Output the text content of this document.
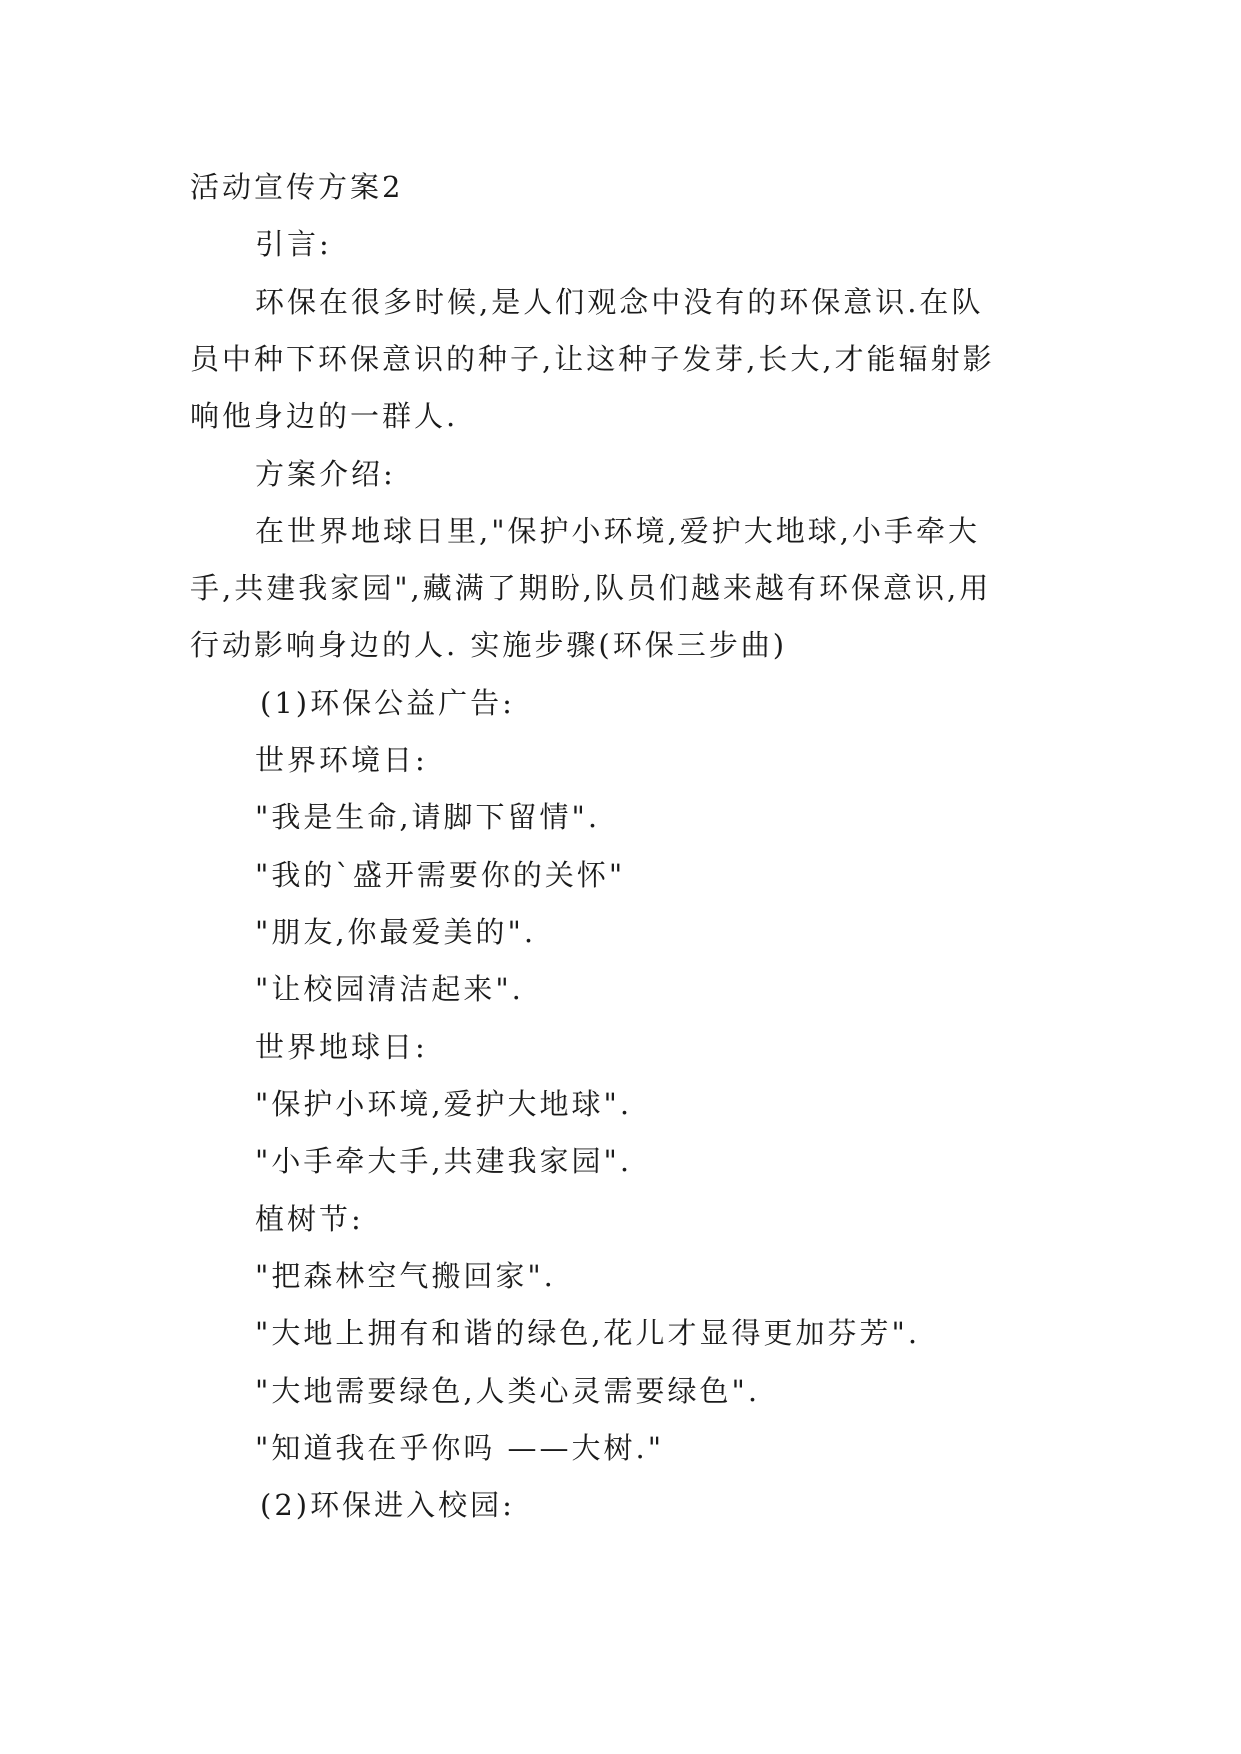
活动宣传方案2
引言:
环保在很多时候,是人们观念中没有的环保意识.在队
员中种下环保意识的种子,让这种子发芽,长大,才能辐射影
响他身边的一群人.
方案介绍:
在世界地球日里,"保护小环境,爱护大地球,小手牵大
手,共建我家园",藏满了期盼,队员们越来越有环保意识,用
行动影响身边的人. 实施步骤(环保三步曲)
(1)环保公益广告:
世界环境日:
"我是生命,请脚下留情".
"我的`盛开需要你的关怀"
"朋友,你最爱美的".
"让校园清洁起来".
世界地球日:
"保护小环境,爱护大地球".
"小手牵大手,共建我家园".
植树节:
"把森林空气搬回家".
"大地上拥有和谐的绿色,花儿才显得更加芬芳".
"大地需要绿色,人类心灵需要绿色".
"知道我在乎你吗 ——大树."
(2)环保进入校园:
